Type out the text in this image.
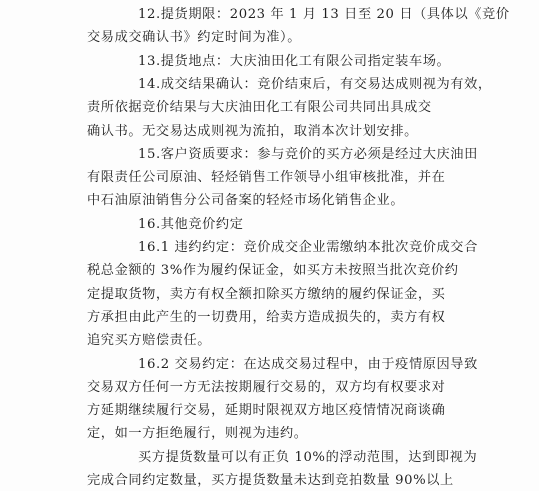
12.提货期限：2023 年 1 月 13 日至 20 日（具体以《竞价
交易成交确认书》约定时间为准）。
13.提货地点：大庆油田化工有限公司指定装车场。
14.成交结果确认：竞价结束后，有交易达成则视为有效，
责所依据竞价结果与大庆油田化工有限公司共同出具成交
确认书。无交易达成则视为流拍，取消本次计划安排。
15.客户资质要求：参与竞价的买方必须是经过大庆油田
有限责任公司原油、轻烃销售工作领导小组审核批准，并在
中石油原油销售分公司备案的轻烃市场化销售企业。
16.其他竞价约定
16.1 违约约定：竞价成交企业需缴纳本批次竞价成交合
税总金额的 3%作为履约保证金，如买方未按照当批次竞价约
定提取货物，卖方有权全额扣除买方缴纳的履约保证金，买
方承担由此产生的一切费用，给卖方造成损失的，卖方有权
追究买方赔偿责任。
16.2 交易约定：在达成交易过程中，由于疫情原因导致
交易双方任何一方无法按期履行交易的，双方均有权要求对
方延期继续履行交易，延期时限视双方地区疫情情况商谈确
定，如一方拒绝履行，则视为违约。
买方提货数量可以有正负 10%的浮动范围，达到即视为
完成合同约定数量，买方提货数量未达到竞拍数量 90%以上
